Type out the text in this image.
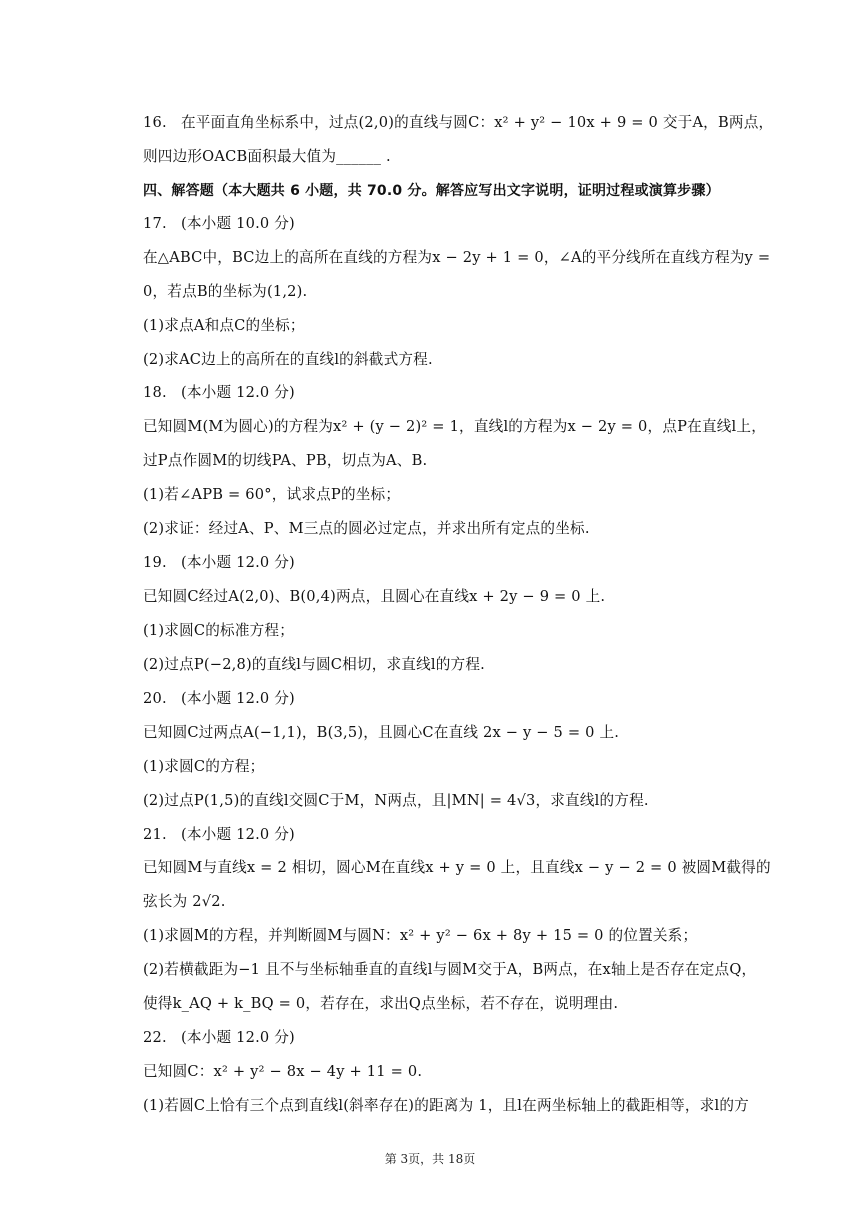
16. 在平面直角坐标系中，过点(2,0)的直线与圆C：x² + y² − 10x + 9 = 0 交于A，B两点，
则四边形OACB面积最大值为______ .
四、解答题（本大题共 6 小题，共 70.0 分。解答应写出文字说明，证明过程或演算步骤）
17. (本小题 10.0 分)
在△ABC中，BC边上的高所在直线的方程为x − 2y + 1 = 0，∠A的平分线所在直线方程为y =
0，若点B的坐标为(1,2).
(1)求点A和点C的坐标；
(2)求AC边上的高所在的直线l的斜截式方程.
18. (本小题 12.0 分)
已知圆M(M为圆心)的方程为x² + (y − 2)² = 1，直线l的方程为x − 2y = 0，点P在直线l上，
过P点作圆M的切线PA、PB，切点为A、B.
(1)若∠APB = 60°，试求点P的坐标；
(2)求证：经过A、P、M三点的圆必过定点，并求出所有定点的坐标.
19. (本小题 12.0 分)
已知圆C经过A(2,0)、B(0,4)两点，且圆心在直线x + 2y − 9 = 0 上.
(1)求圆C的标准方程；
(2)过点P(−2,8)的直线l与圆C相切，求直线l的方程.
20. (本小题 12.0 分)
已知圆C过两点A(−1,1)，B(3,5)，且圆心C在直线 2x − y − 5 = 0 上.
(1)求圆C的方程；
(2)过点P(1,5)的直线l交圆C于M，N两点，且|MN| = 4√3，求直线l的方程.
21. (本小题 12.0 分)
已知圆M与直线x = 2 相切，圆心M在直线x + y = 0 上，且直线x − y − 2 = 0 被圆M截得的
弦长为 2√2.
(1)求圆M的方程，并判断圆M与圆N：x² + y² − 6x + 8y + 15 = 0 的位置关系；
(2)若横截距为−1 且不与坐标轴垂直的直线l与圆M交于A，B两点，在x轴上是否存在定点Q，
使得k_AQ + k_BQ = 0，若存在，求出Q点坐标，若不存在，说明理由.
22. (本小题 12.0 分)
已知圆C：x² + y² − 8x − 4y + 11 = 0.
(1)若圆C上恰有三个点到直线l(斜率存在)的距离为 1，且l在两坐标轴上的截距相等，求l的方
第 3页，共 18页
